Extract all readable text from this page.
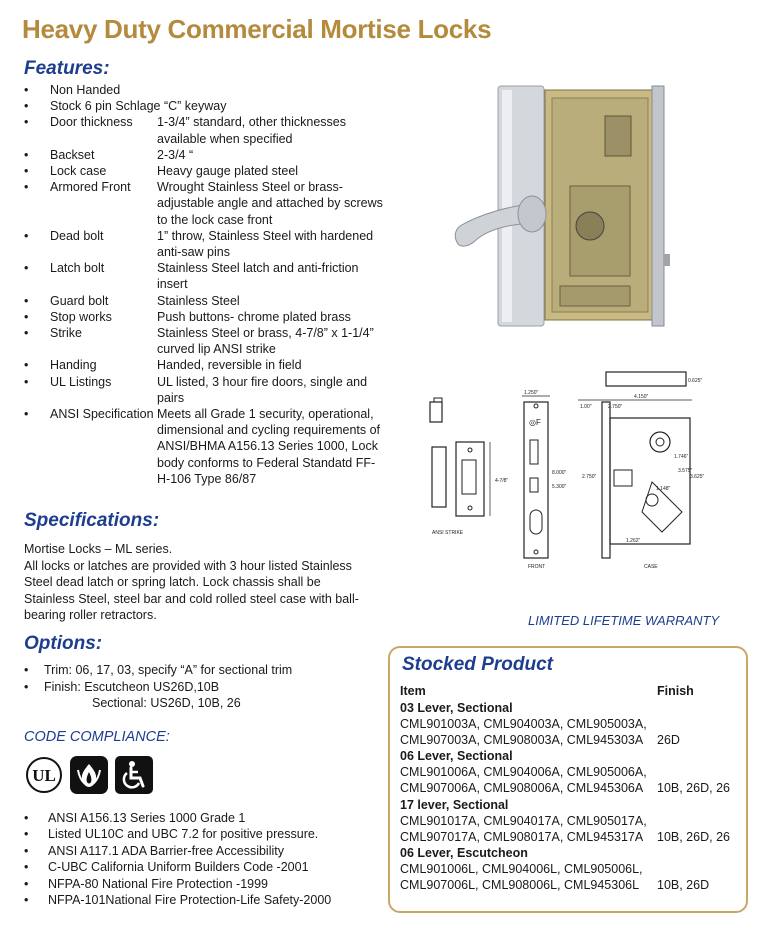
Heavy Duty Commercial Mortise Locks
Features:
•	Non Handed
•	Stock 6 pin Schlage “C” keyway
•	Door thickness	1-3/4” standard, other thicknesses available when specified
•	Backset	2-3/4 “
•	Lock case	Heavy gauge plated steel
•	Armored Front	Wrought Stainless Steel or brass- adjustable angle and attached by screws to the lock case front
•	Dead bolt	1” throw, Stainless Steel with hardened anti-saw pins
•	Latch bolt	Stainless Steel latch and anti-friction insert
•	Guard bolt	Stainless Steel
•	Stop works	Push buttons- chrome plated brass
•	Strike	Stainless Steel or brass, 4-7/8” x 1-1/4” curved lip ANSI strike
•	Handing	Handed, reversible in field
•	UL Listings	UL listed, 3 hour fire doors, single and pairs
•	ANSI Specification Meets all Grade 1 security, operational, dimensional and cycling requirements of ANSI/BHMA A156.13 Series 1000, Lock body conforms to Federal Standatd FF-H-106 Type 86/87
Specifications:
Mortise Locks – ML series.
All locks or latches are provided with 3 hour listed Stainless Steel dead latch or spring latch. Lock chassis shall be Stainless Steel, steel bar and cold rolled steel case with ball-bearing roller retractors.
Options:
•	Trim: 06, 17, 03, specify “A” for sectional trim
•	Finish: Escutcheon US26D,10B
Sectional: US26D, 10B, 26
CODE COMPLIANCE:
UL
•	ANSI A156.13 Series 1000 Grade 1
•	Listed UL10C and UBC 7.2 for positive pressure.
•	ANSI A117.1 ADA Barrier-free Accessibility
•	C-UBC California Uniform Builders Code -2001
•	NFPA-80 National Fire Protection -1999
•	NFPA-101National Fire Protection-Life Safety-2000
4-7/8"
ANSI STRIKE
1.250"
◎F
8.000"
5.300"
FRONT
0.625"
4.150"
1.00"	2.750"
1.746"
1.148"
3.575"
3.625"
2.750"
1.262"
CASE
LIMITED LIFETIME WARRANTY
Stocked Product
Item	Finish
03 Lever, Sectional
CML901003A, CML904003A, CML905003A,
CML907003A, CML908003A, CML945303A	26D
06 Lever, Sectional
CML901006A, CML904006A, CML905006A,
CML907006A, CML908006A, CML945306A	10B, 26D, 26
17 lever, Sectional
CML901017A, CML904017A, CML905017A,
CML907017A, CML908017A, CML945317A	10B, 26D, 26
06 Lever, Escutcheon
CML901006L, CML904006L, CML905006L,
CML907006L, CML908006L, CML945306L	10B, 26D
